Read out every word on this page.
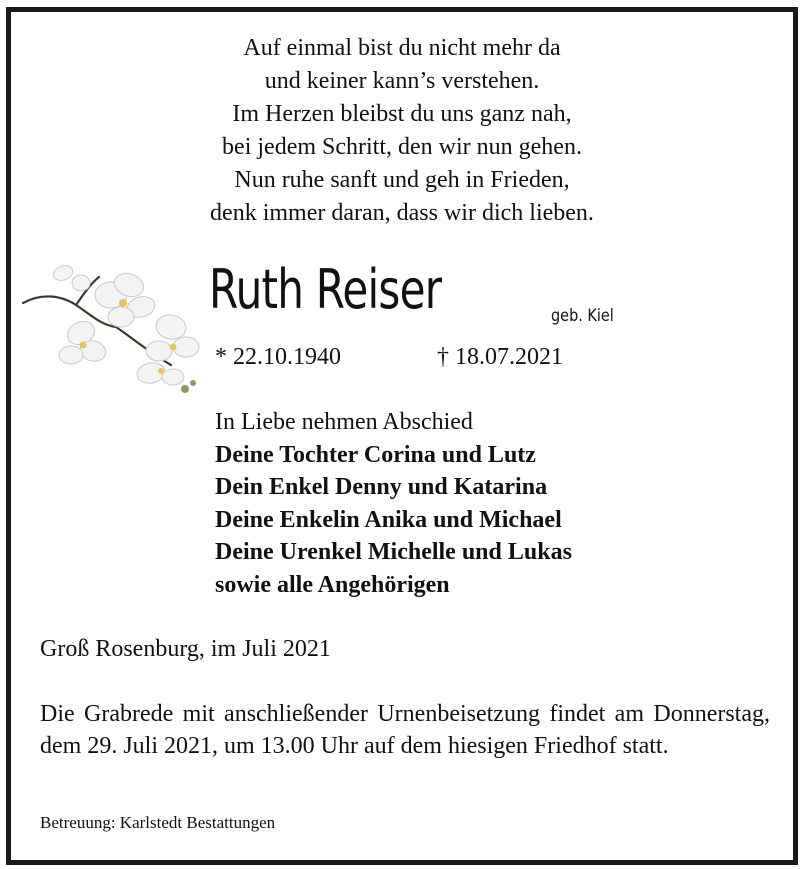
Auf einmal bist du nicht mehr da
und keiner kann’s verstehen.
Im Herzen bleibst du uns ganz nah,
bei jedem Schritt, den wir nun gehen.
Nun ruhe sanft und geh in Frieden,
denk immer daran, dass wir dich lieben.
Ruth Reiser	geb. Kiel
* 22.10.1940	† 18.07.2021
In Liebe nehmen Abschied
Deine Tochter Corina und Lutz
Dein Enkel Denny und Katarina
Deine Enkelin Anika und Michael
Deine Urenkel Michelle und Lukas
sowie alle Angehörigen
Groß Rosenburg, im Juli 2021
Die Grabrede mit anschließender Urnenbeisetzung findet am Donnerstag, dem 29. Juli 2021, um 13.00 Uhr auf dem hiesigen Friedhof statt.
Betreuung: Karlstedt Bestattungen
